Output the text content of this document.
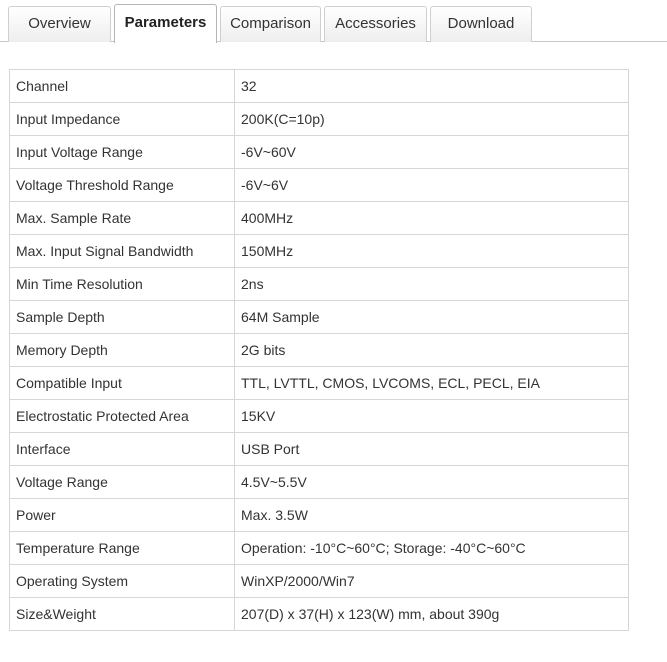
Overview	Parameters	Comparison	Accessories	Download
Channel	32
Input Impedance	200K(C=10p)
Input Voltage Range	-6V~60V
Voltage Threshold Range	-6V~6V
Max. Sample Rate	400MHz
Max. Input Signal Bandwidth	150MHz
Min Time Resolution	2ns
Sample Depth	64M Sample
Memory Depth	2G bits
Compatible Input	TTL, LVTTL, CMOS, LVCOMS, ECL, PECL, EIA
Electrostatic Protected Area	15KV
Interface	USB Port
Voltage Range	4.5V~5.5V
Power	Max. 3.5W
Temperature Range	Operation: -10°C~60°C; Storage: -40°C~60°C
Operating System	WinXP/2000/Win7
Size&Weight	207(D) x 37(H) x 123(W) mm, about 390g
